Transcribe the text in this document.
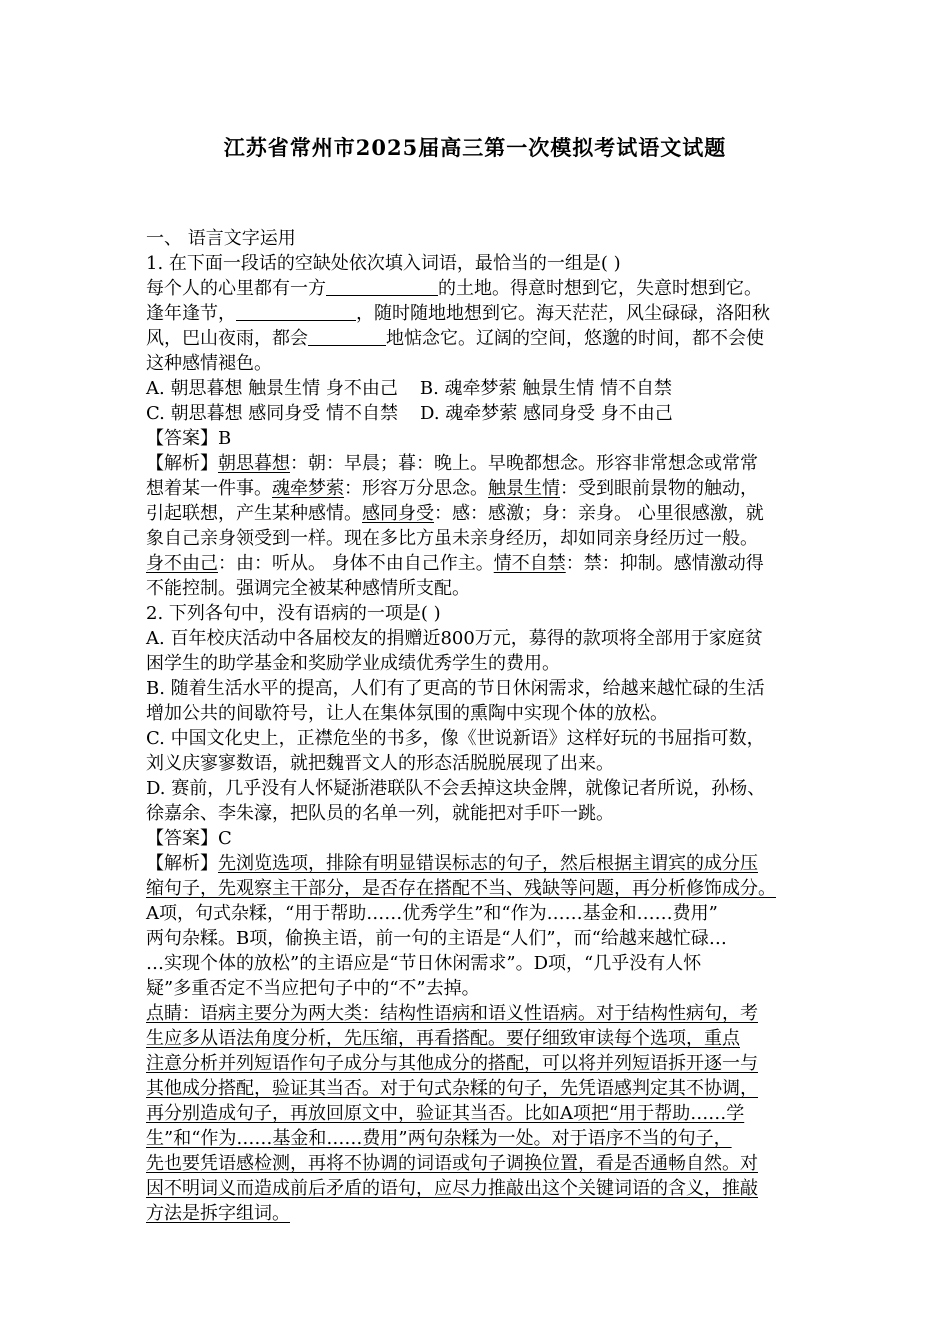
江苏省常州市2025届高三第一次模拟考试语文试题
一、 语言文字运用
1. 在下面一段话的空缺处依次填入词语，最恰当的一组是( )
每个人的心里都有一方	的土地。得意时想到它，失意时想到它。
逢年逢节，	，随时随地地想到它。海天茫茫，风尘碌碌，洛阳秋
风，巴山夜雨，都会	地惦念它。辽阔的空间，悠邈的时间，都不会使
这种感情褪色。
A. 朝思暮想 触景生情 身不由己 B. 魂牵梦萦 触景生情 情不自禁
C. 朝思暮想 感同身受 情不自禁 D. 魂牵梦萦 感同身受 身不由己
【答案】B
【解析】朝思暮想：朝：早晨；暮：晚上。早晚都想念。形容非常想念或常常
想着某一件事。魂牵梦萦：形容万分思念。触景生情：受到眼前景物的触动，
引起联想，产生某种感情。感同身受：感：感激；身：亲身。 心里很感激，就
象自己亲身领受到一样。现在多比方虽未亲身经历，却如同亲身经历过一般。
身不由己：由：听从。 身体不由自己作主。情不自禁：禁：抑制。感情激动得
不能控制。强调完全被某种感情所支配。
2. 下列各句中，没有语病的一项是( )
A. 百年校庆活动中各届校友的捐赠近800万元，募得的款项将全部用于家庭贫
困学生的助学基金和奖励学业成绩优秀学生的费用。
B. 随着生活水平的提高，人们有了更高的节日休闲需求，给越来越忙碌的生活
增加公共的间歇符号，让人在集体氛围的熏陶中实现个体的放松。
C. 中国文化史上，正襟危坐的书多，像《世说新语》这样好玩的书屈指可数，
刘义庆寥寥数语，就把魏晋文人的形态活脱脱展现了出来。
D. 赛前，几乎没有人怀疑浙港联队不会丢掉这块金牌，就像记者所说，孙杨、
徐嘉余、李朱濠，把队员的名单一列，就能把对手吓一跳。
【答案】C
【解析】先浏览选项，排除有明显错误标志的句子，然后根据主谓宾的成分压
缩句子，先观察主干部分，是否存在搭配不当、残缺等问题，再分析修饰成分。
A项，句式杂糅，“用于帮助……优秀学生”和“作为……基金和……费用”
两句杂糅。B项，偷换主语，前一句的主语是“人们”，而“给越来越忙碌…
…实现个体的放松”的主语应是“节日休闲需求”。D项，“几乎没有人怀
疑”多重否定不当应把句子中的“不”去掉。
点睛：语病主要分为两大类：结构性语病和语义性语病。对于结构性病句，考
生应多从语法角度分析，先压缩，再看搭配。要仔细致审读每个选项，重点
注意分析并列短语作句子成分与其他成分的搭配，可以将并列短语拆开逐一与
其他成分搭配，验证其当否。对于句式杂糅的句子，先凭语感判定其不协调，
再分别造成句子，再放回原文中，验证其当否。比如A项把“用于帮助……学
生”和“作为……基金和……费用”两句杂糅为一处。对于语序不当的句子，
先也要凭语感检测，再将不协调的词语或句子调换位置，看是否通畅自然。对
因不明词义而造成前后矛盾的语句，应尽力推敲出这个关键词语的含义，推敲
方法是拆字组词。
